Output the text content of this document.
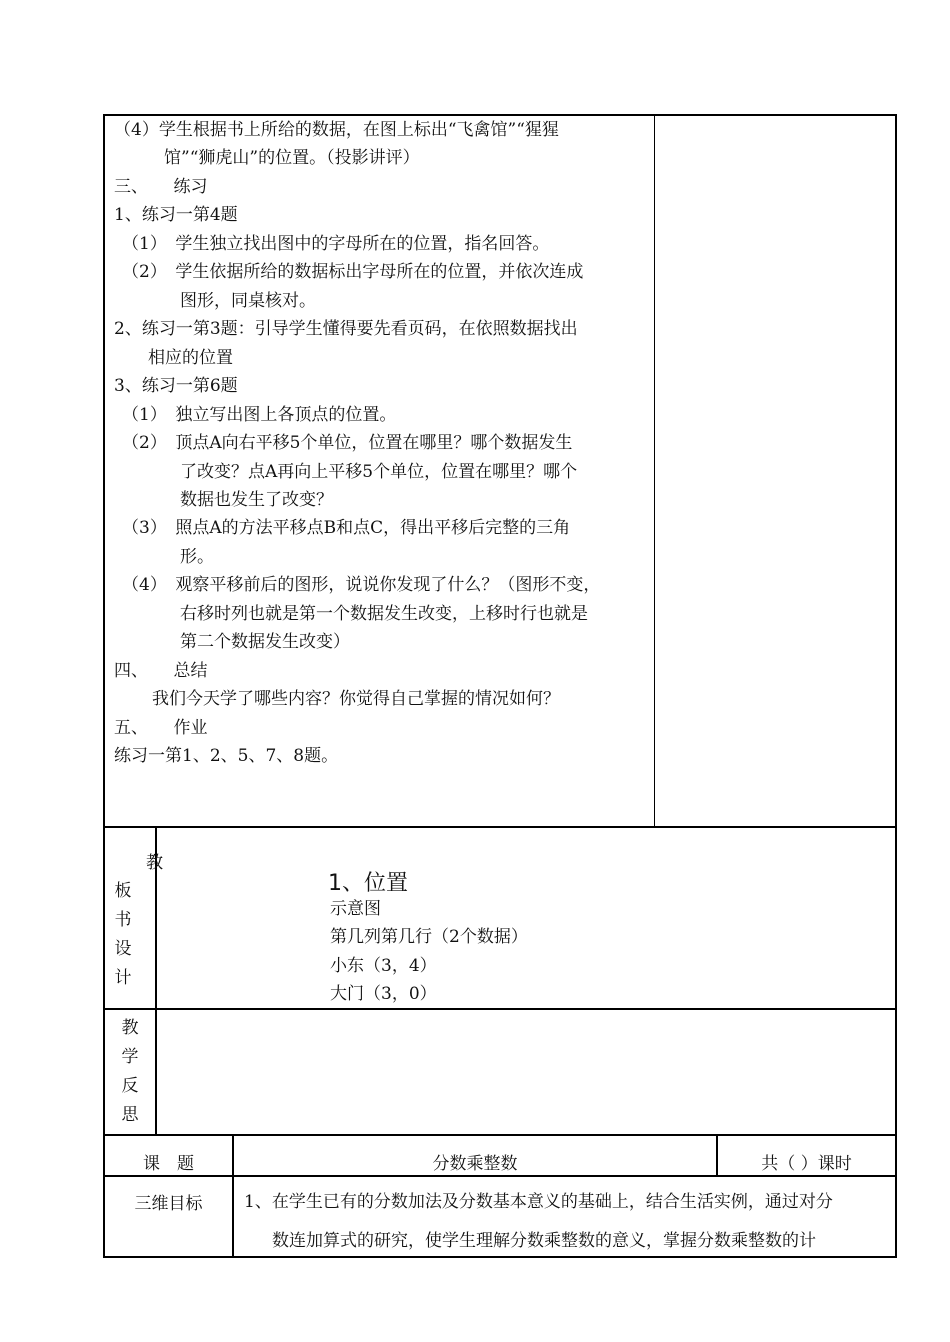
（4）学生根据书上所给的数据，在图上标出“飞禽馆”“猩猩
馆”“狮虎山”的位置。（投影讲评）
三、　　练习
1、练习一第4题
（1）　学生独立找出图中的字母所在的位置，指名回答。
（2）　学生依据所给的数据标出字母所在的位置，并依次连成
图形，同桌核对。
2、练习一第3题：引导学生懂得要先看页码，在依照数据找出
相应的位置
3、练习一第6题
（1）　独立写出图上各顶点的位置。
（2）　顶点A向右平移5个单位，位置在哪里？哪个数据发生
了改变？点A再向上平移5个单位，位置在哪里？哪个
数据也发生了改变？
（3）　照点A的方法平移点B和点C，得出平移后完整的三角
形。
（4）　观察平移前后的图形，说说你发现了什么？（图形不变，
右移时列也就是第一个数据发生改变，上移时行也就是
第二个数据发生改变）
四、　　总结
我们今天学了哪些内容？你觉得自己掌握的情况如何？
五、　　作业
练习一第1、2、5、7、8题。
教
板书设计
1、位置
示意图
第几列第几行（2个数据）
小东（3，4）
大门（3，0）
教学反思
课　题	分数乘整数	共（ ）课时
三维目标	1、在学生已有的分数加法及分数基本意义的基础上，结合生活实例，通过对分
数连加算式的研究，使学生理解分数乘整数的意义，掌握分数乘整数的计
